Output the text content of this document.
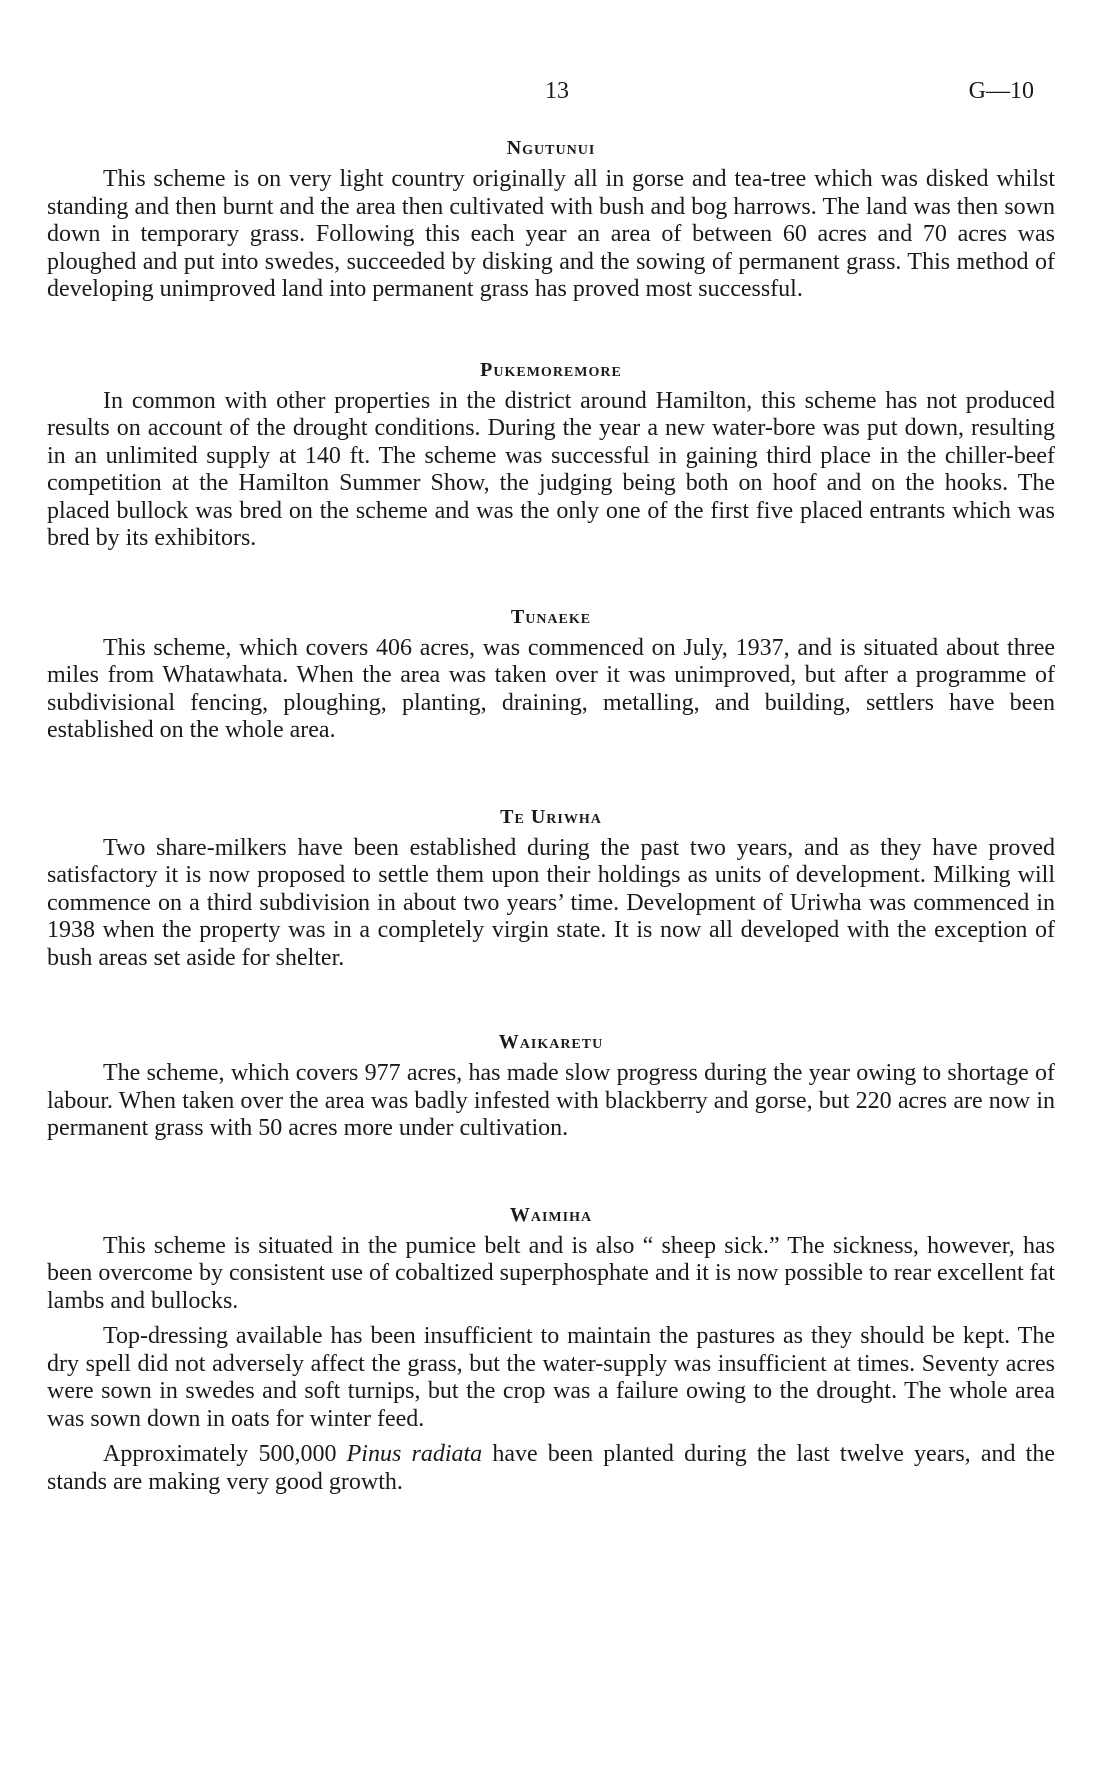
13	G—10
Ngutunui

This scheme is on very light country originally all in gorse and tea-tree which was disked whilst standing and then burnt and the area then cultivated with bush and bog harrows. The land was then sown down in temporary grass. Following this each year an area of between 60 acres and 70 acres was ploughed and put into swedes, succeeded by disking and the sowing of permanent grass. This method of developing unimproved land into permanent grass has proved most successful.

Pukemoremore

In common with other properties in the district around Hamilton, this scheme has not produced results on account of the drought conditions. During the year a new water-bore was put down, resulting in an unlimited supply at 140 ft. The scheme was successful in gaining third place in the chiller-beef competition at the Hamilton Summer Show, the judging being both on hoof and on the hooks. The placed bullock was bred on the scheme and was the only one of the first five placed entrants which was bred by its exhibitors.

Tunaeke

This scheme, which covers 406 acres, was commenced on July, 1937, and is situated about three miles from Whatawhata. When the area was taken over it was unimproved, but after a programme of subdivisional fencing, ploughing, planting, draining, metalling, and building, settlers have been established on the whole area.

Te Uriwha

Two share-milkers have been established during the past two years, and as they have proved satisfactory it is now proposed to settle them upon their holdings as units of development. Milking will commence on a third subdivision in about two years’ time. Development of Uriwha was commenced in 1938 when the property was in a completely virgin state. It is now all developed with the exception of bush areas set aside for shelter.

Waikaretu

The scheme, which covers 977 acres, has made slow progress during the year owing to shortage of labour. When taken over the area was badly infested with blackberry and gorse, but 220 acres are now in permanent grass with 50 acres more under cultivation.

Waimiha

This scheme is situated in the pumice belt and is also “ sheep sick.” The sickness, however, has been overcome by consistent use of cobaltized superphosphate and it is now possible to rear excellent fat lambs and bullocks.

Top-dressing available has been insufficient to maintain the pastures as they should be kept. The dry spell did not adversely affect the grass, but the water-supply was insufficient at times. Seventy acres were sown in swedes and soft turnips, but the crop was a failure owing to the drought. The whole area was sown down in oats for winter feed.

Approximately 500,000 Pinus radiata have been planted during the last twelve years, and the stands are making very good growth.
